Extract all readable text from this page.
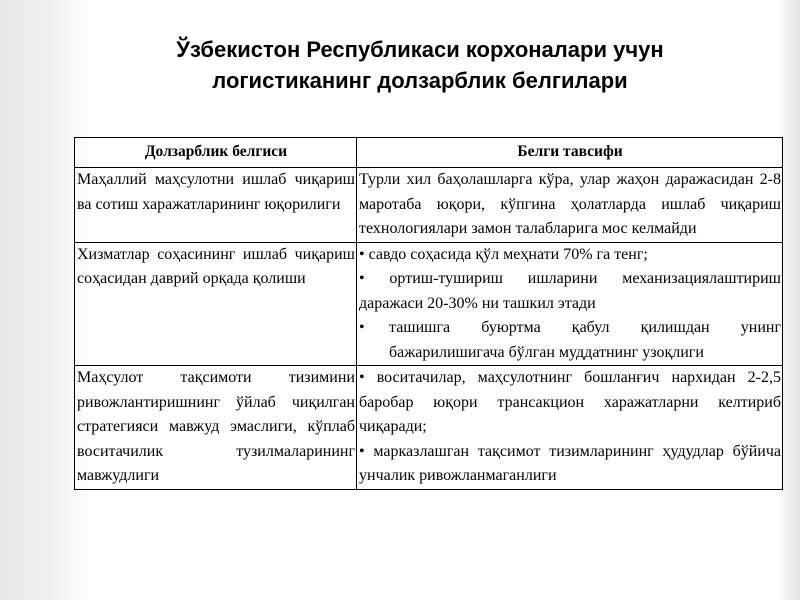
Ўзбекистон Республикаси корхоналари учун
логистиканинг долзарблик белгилари
Долзарблик белгиси	Белги тавсифи

Маҳаллий маҳсулотни ишлаб чиқариш ва сотиш харажатларининг юқорилиги	Турли хил баҳолашларга кўра, улар жаҳон даражасидан 2-8 маротаба юқори, кўпгина ҳолатларда ишлаб чиқариш технологиялари замон талабларига мос келмайди

Хизматлар соҳасининг ишлаб чиқариш соҳасидан даврий орқада қолиши	• савдо соҳасида қўл меҳнати 70% га тенг;
• ортиш-тушириш ишларини механизациялаштириш даражаси 20-30% ни ташкил этади
• ташишга буюртма қабул қилишдан унинг бажарилишигача бўлган муддатнинг узоқлиги

Маҳсулот тақсимоти тизимини ривожлантиришнинг ўйлаб чиқилган стратегияси мавжуд эмаслиги, кўплаб воситачилик тузилмаларининг мавжудлиги	• воситачилар, маҳсулотнинг бошланғич нархидан 2-2,5 баробар юқори трансакцион харажатларни келтириб чиқаради;
• марказлашган тақсимот тизимларининг ҳудудлар бўйича унчалик ривожланмаганлиги
